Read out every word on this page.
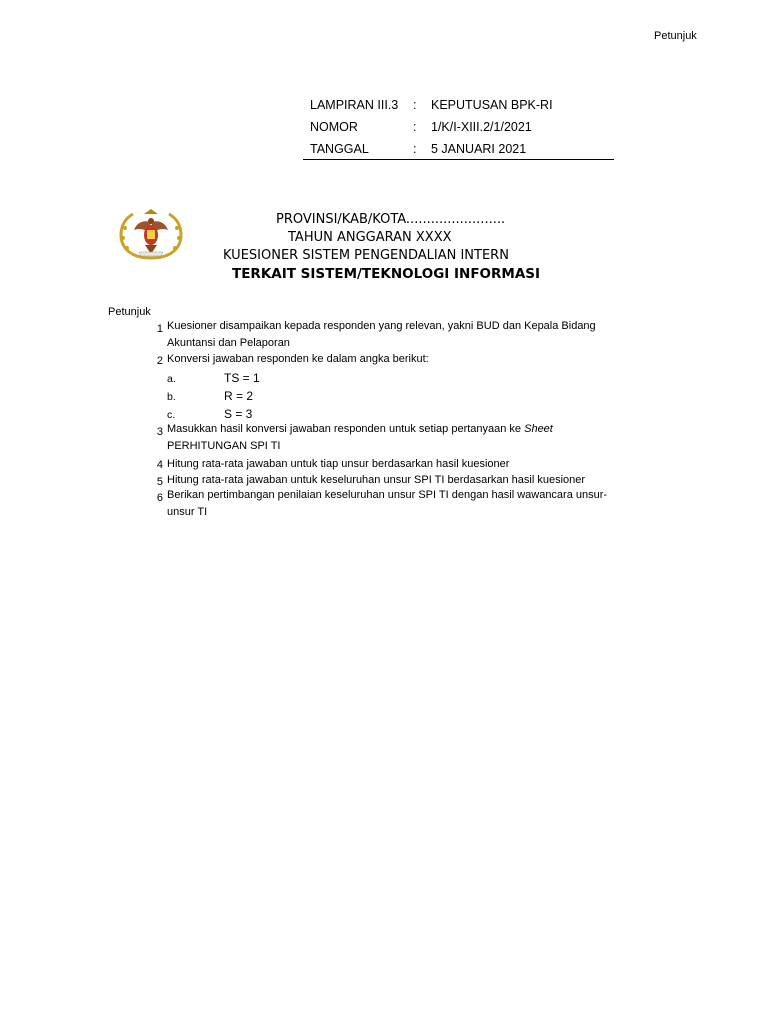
Petunjuk
LAMPIRAN III.3	: KEPUTUSAN BPK-RI
NOMOR	: 1/K/I-XIII.2/1/2021
TANGGAL	: 5 JANUARI 2021
PROVINSI/KAB/KOTA........................
TAHUN ANGGARAN XXXX
KUESIONER SISTEM PENGENDALIAN INTERN
TERKAIT SISTEM/TEKNOLOGI INFORMASI
Petunjuk
1 Kuesioner disampaikan kepada responden yang relevan, yakni BUD dan Kepala Bidang
Akuntansi dan Pelaporan
2 Konversi jawaban responden ke dalam angka berikut:
a.	TS = 1
b.	R = 2
c.	S = 3
3 Masukkan hasil konversi jawaban responden untuk setiap pertanyaan ke Sheet
PERHITUNGAN SPI TI
4 Hitung rata-rata jawaban untuk tiap unsur berdasarkan hasil kuesioner
5 Hitung rata-rata jawaban untuk keseluruhan unsur SPI TI berdasarkan hasil kuesioner
6 Berikan pertimbangan penilaian keseluruhan unsur SPI TI dengan hasil wawancara unsur-
unsur TI
